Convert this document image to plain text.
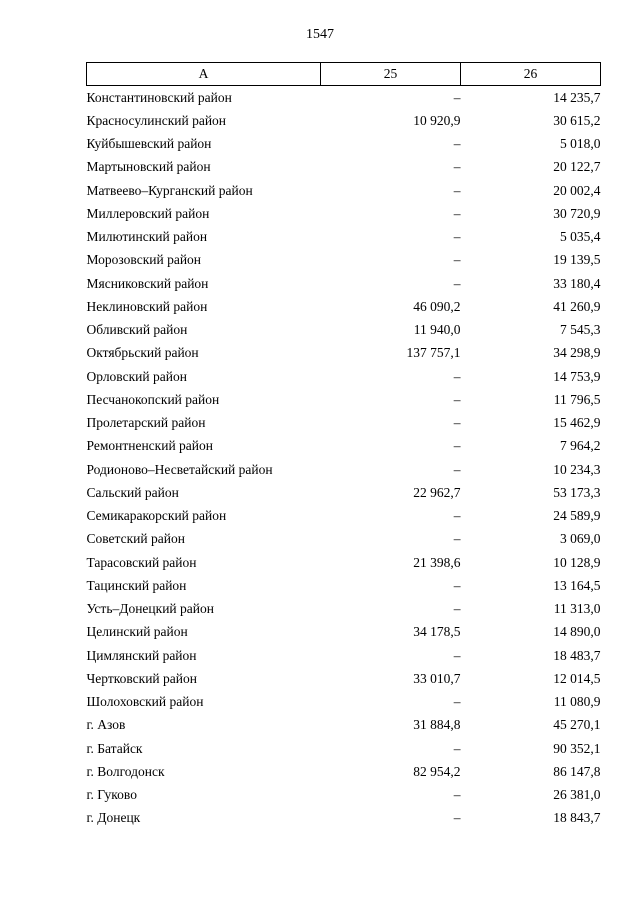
1547
А	25	26
Константиновский район	–	14 235,7
Красносулинский район	10 920,9	30 615,2
Куйбышевский район	–	5 018,0
Мартыновский район	–	20 122,7
Матвеево–Курганский район	–	20 002,4
Миллеровский район	–	30 720,9
Милютинский район	–	5 035,4
Морозовский район	–	19 139,5
Мясниковский район	–	33 180,4
Неклиновский район	46 090,2	41 260,9
Обливский район	11 940,0	7 545,3
Октябрьский район	137 757,1	34 298,9
Орловский район	–	14 753,9
Песчанокопский район	–	11 796,5
Пролетарский район	–	15 462,9
Ремонтненский район	–	7 964,2
Родионово–Несветайский район	–	10 234,3
Сальский район	22 962,7	53 173,3
Семикаракорский район	–	24 589,9
Советский район	–	3 069,0
Тарасовский район	21 398,6	10 128,9
Тацинский район	–	13 164,5
Усть–Донецкий район	–	11 313,0
Целинский район	34 178,5	14 890,0
Цимлянский район	–	18 483,7
Чертковский район	33 010,7	12 014,5
Шолоховский район	–	11 080,9
г. Азов	31 884,8	45 270,1
г. Батайск	–	90 352,1
г. Волгодонск	82 954,2	86 147,8
г. Гуково	–	26 381,0
г. Донецк	–	18 843,7
